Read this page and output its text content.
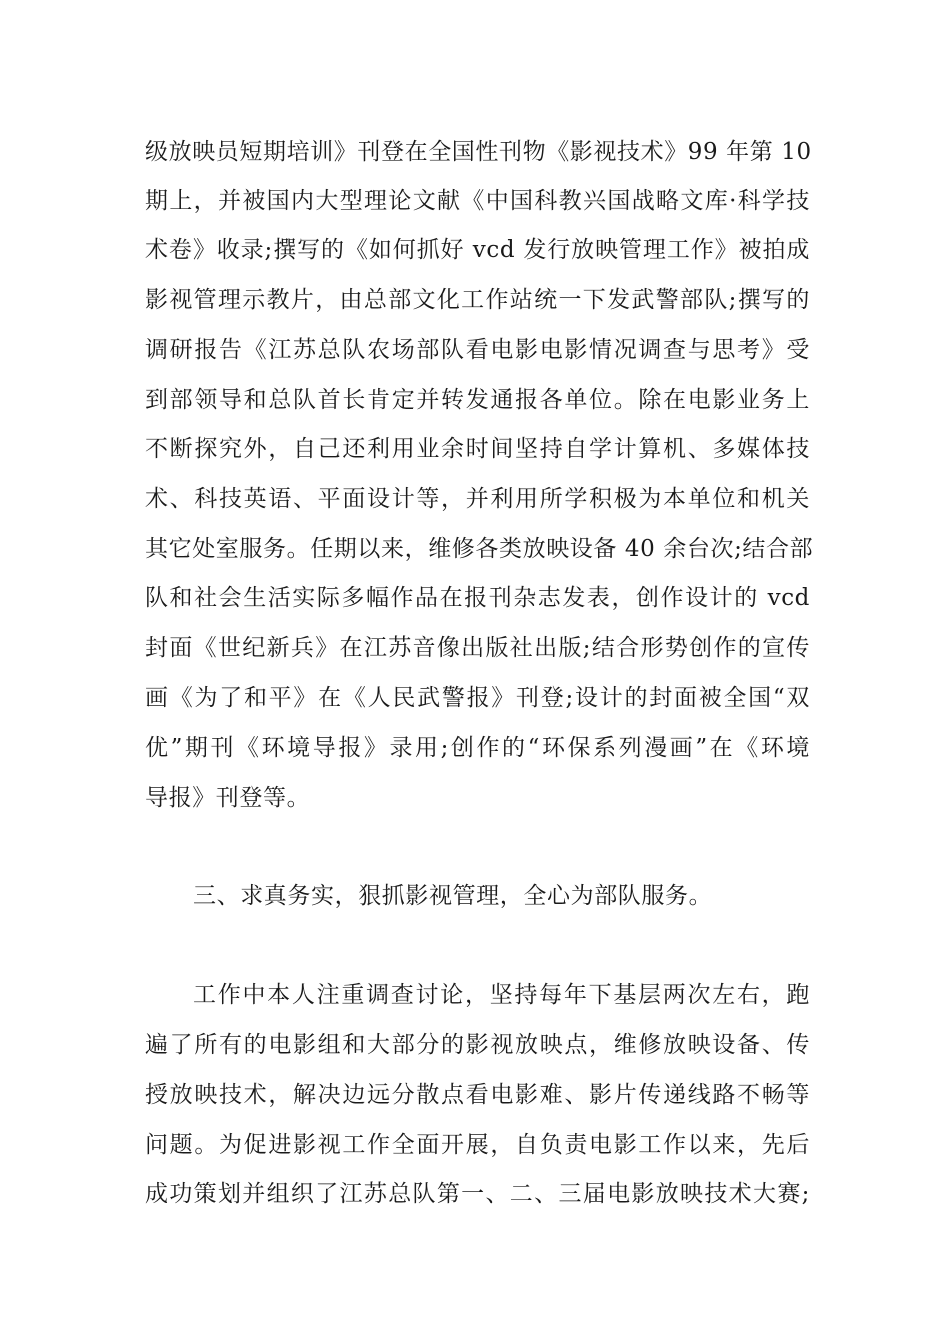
级放映员短期培训》刊登在全国性刊物《影视技术》99 年第 10
期上，并被国内大型理论文献《中国科教兴国战略文库·科学技
术卷》收录;撰写的《如何抓好 vcd 发行放映管理工作》被拍成
影视管理示教片，由总部文化工作站统一下发武警部队;撰写的
调研报告《江苏总队农场部队看电影电影情况调查与思考》受
到部领导和总队首长肯定并转发通报各单位。除在电影业务上
不断探究外，自己还利用业余时间坚持自学计算机、多媒体技
术、科技英语、平面设计等，并利用所学积极为本单位和机关
其它处室服务。任期以来，维修各类放映设备 40 余台次;结合部
队和社会生活实际多幅作品在报刊杂志发表，创作设计的 vcd
封面《世纪新兵》在江苏音像出版社出版;结合形势创作的宣传
画《为了和平》在《人民武警报》刊登;设计的封面被全国“双
优”期刊《环境导报》录用;创作的“环保系列漫画”在《环境
导报》刊登等。
三、求真务实，狠抓影视管理，全心为部队服务。
工作中本人注重调查讨论，坚持每年下基层两次左右，跑
遍了所有的电影组和大部分的影视放映点，维修放映设备、传
授放映技术，解决边远分散点看电影难、影片传递线路不畅等
问题。为促进影视工作全面开展，自负责电影工作以来，先后
成功策划并组织了江苏总队第一、二、三届电影放映技术大赛;
